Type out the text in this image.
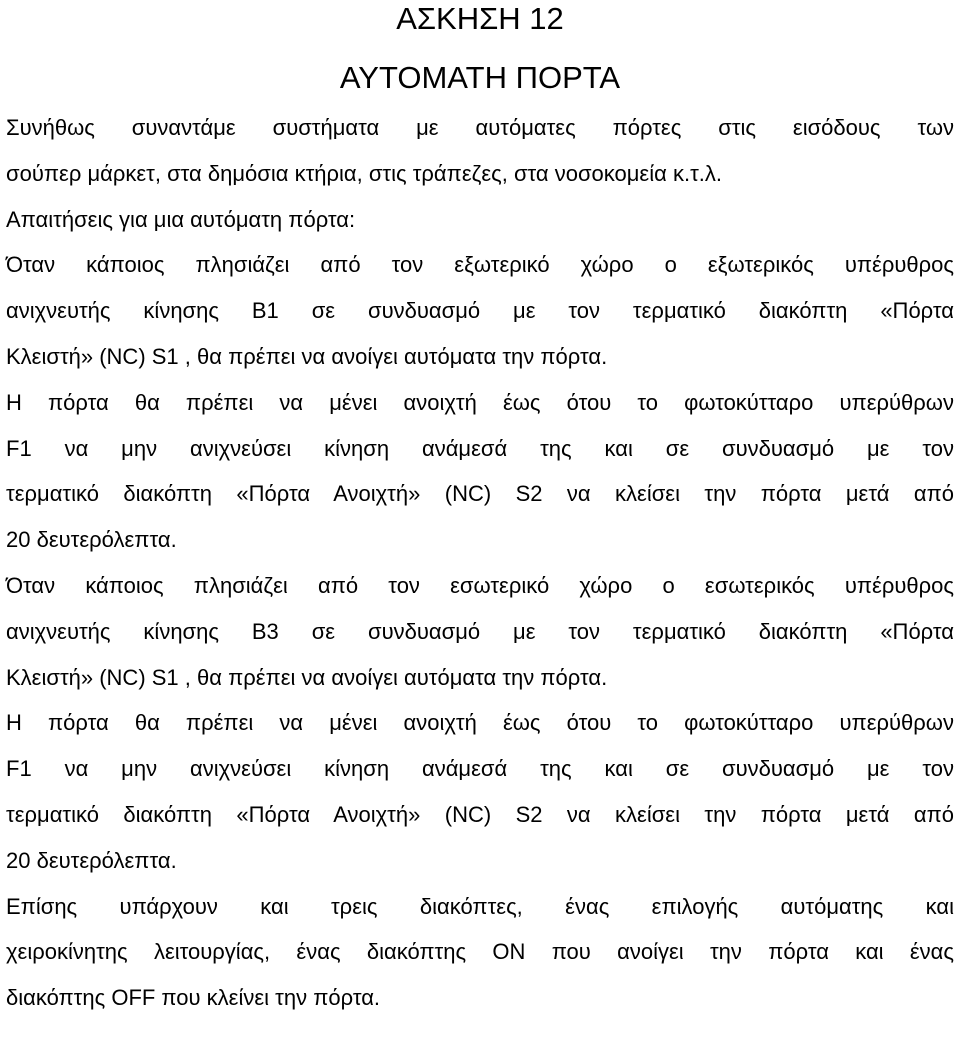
ΑΣΚΗΣΗ 12
ΑΥΤΟΜΑΤΗ ΠΟΡΤΑ
Συνήθως συναντάμε συστήματα με αυτόματες πόρτες στις εισόδους των
σούπερ μάρκετ, στα δημόσια κτήρια, στις τράπεζες, στα νοσοκομεία κ.τ.λ.
Απαιτήσεις για μια αυτόματη πόρτα:
Όταν κάποιος πλησιάζει από τον εξωτερικό χώρο ο εξωτερικός υπέρυθρος
ανιχνευτής κίνησης Β1 σε συνδυασμό με τον τερματικό διακόπτη «Πόρτα
Κλειστή» (NC) S1 , θα πρέπει να ανοίγει αυτόματα την πόρτα.
Η πόρτα θα πρέπει να μένει ανοιχτή έως ότου το φωτοκύτταρο υπερύθρων
F1 να μην ανιχνεύσει κίνηση ανάμεσά της και σε συνδυασμό με τον
τερματικό διακόπτη «Πόρτα Ανοιχτή» (NC) S2 να κλείσει την πόρτα μετά από
20 δευτερόλεπτα.
Όταν κάποιος πλησιάζει από τον εσωτερικό χώρο ο εσωτερικός υπέρυθρος
ανιχνευτής κίνησης Β3 σε συνδυασμό με τον τερματικό διακόπτη «Πόρτα
Κλειστή» (NC) S1 , θα πρέπει να ανοίγει αυτόματα την πόρτα.
Η πόρτα θα πρέπει να μένει ανοιχτή έως ότου το φωτοκύτταρο υπερύθρων
F1 να μην ανιχνεύσει κίνηση ανάμεσά της και σε συνδυασμό με τον
τερματικό διακόπτη «Πόρτα Ανοιχτή» (NC) S2 να κλείσει την πόρτα μετά από
20 δευτερόλεπτα.
Επίσης υπάρχουν και τρεις διακόπτες, ένας επιλογής αυτόματης και
χειροκίνητης λειτουργίας, ένας διακόπτης ON που ανοίγει την πόρτα και ένας
διακόπτης OFF που κλείνει την πόρτα.
